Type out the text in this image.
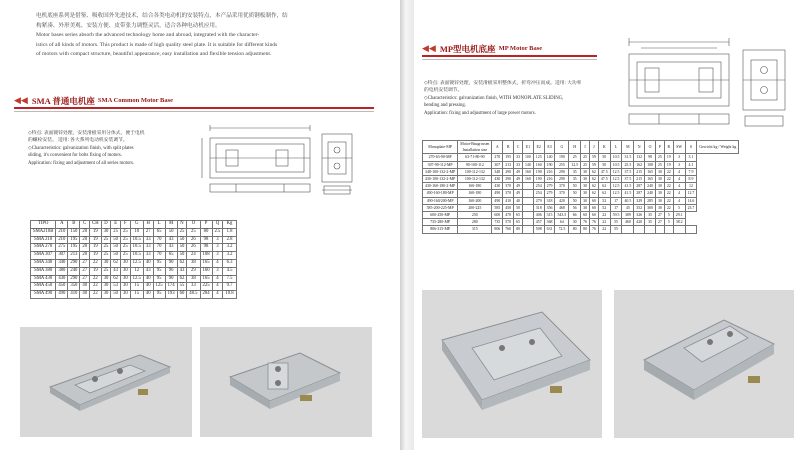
电机底座系列是借鉴、吸收国外先进技术，结合各类电动机的安装特点，本产品采用优质钢板制作，结
构紧凑、外形美观、安装方便、皮带张力调整灵活，适合各种电动机应用。
Motor bases series absorb the advanced technology home and abroad, integrated with the character-
istics of all kinds of motors. This product is made of high quality steel plate. It is suitable for different kinds
of motors with compact structure, beautiful appearance, easy installation and flexible tension adjustment.
◀◀ SMA 普通电机座 SMA Common Motor Base
◇特点: 表面镀锌处理，安装滑板采用分体式，便于电机
的螺栓安装。 适用: 各大系列电动机安装调节。
◇Characteristics: galvanization finish, with split plates
sliding, it's convenient for bolts fixing of motors.
Application: fixing and adjustment of all series motors.
TIPO	A	B	C	CH	D	E	F	G	H	L	M	N	O	P	Q	Kg
SMA210B	210	150	20	19	30	25	25	10	27	65	50	25	25	80	2.5	1.8
SMA 210	210	195	20	19	25	50	25	10.5	33	70	43	50	26	98	3	2.8
SMA 270	275	195	20	19	25	50	25	10.5	33	70	43	50	26	98	3	3.2
SMA 307	307	213	20	19	25	50	25	10.5	33	70	65	50	24	108	3	3.2
SMA 340	340	290	27	22	30	62	30	12.5	40	95	90	62	38	165	4	6.3
SMA 380	380	240	27	19	25	43	30	12	43	95	96	43	29	160	3	4.5
SMA 430	430	290	27	22	30	62	30	12.5	40	95	90	62	38	165	4	7.5
SMA 450	450	350	40	22	30	53	30	15	40	125	174	55	33	225	4	9.7
SMA 490	490	410	40	22	30	50	30	15	40	95	193	60	48.5	284	4	10.8
◀◀ MP型电机底座 MP Motor Base
◇特点: 表面镀锌处理，安装滑板采用整体式，折弯冲压而成。适用: 大功率
的电机安装调节。
◇Characteristics: galvanization finish, WITH MONOPLATE SLIDING,
bending and pressing.
Application: fixing and adjustment of large power motors.
Monoplate-MP	Motor-Baugrossen
Installation size	A	B	C	E1	E2	E3	G	H	I	J	K	L	M	N	O	P	R	SW	S	Gewicht kg / Weight kg
270-63-90-MP	63-71-80-90	270	195	33	100	125	140	190	25	25	59	50	10.5	31.5	132	98	25	19	3	3.1	
307-90-112-MP	90-100-112	307	213	33	140	160	190	255	12.5	25	59	50	10.5	25.5	162	108	25	19	3	4.1	
348-100-132-2-MP	100-112-132	348	290	49	160	190	216	290	35	30	62	47.5	12.5	37.5	215	165	30	22	4	7.9	
430-100-132-2-MP	100-112-132	430	290	49	160	190	216	290	35	30	62	47.5	12.5	37.5	215	165	30	22	4	8.9	
430-160-180-2-MP	160-180	430	370	49		254	279	370	50	30	62	62	12.5	41.5	287	240	30	22	4	12	
490-160-180-MP	160-180	490	370	49		254	279	370	50	30	62	62	12.5	41.5	287	240	30	22	4	12.7	
490-160/200-MP	160-200	490	410	40		279	318	420	50	30	60	52	17	40.5	329	285	30	22	4	14.6	
585-200-225-MP	200-225	585	450	50		318	356	468	56	30	60	52	17	45	352	300	30	22	5	23.7	
600-250-MP	250	600	470	65		406	315	543.5	66	60	60	22	59.5	389	326	35	27	5	29.1		
735-280-MP	280	735	570	65		457	368	64	30	76	76	22	55	460	420	35	27	5	38.2		
806-315-MP	315	806	760	80		508	631	72.5	80	80	76	22	55								
